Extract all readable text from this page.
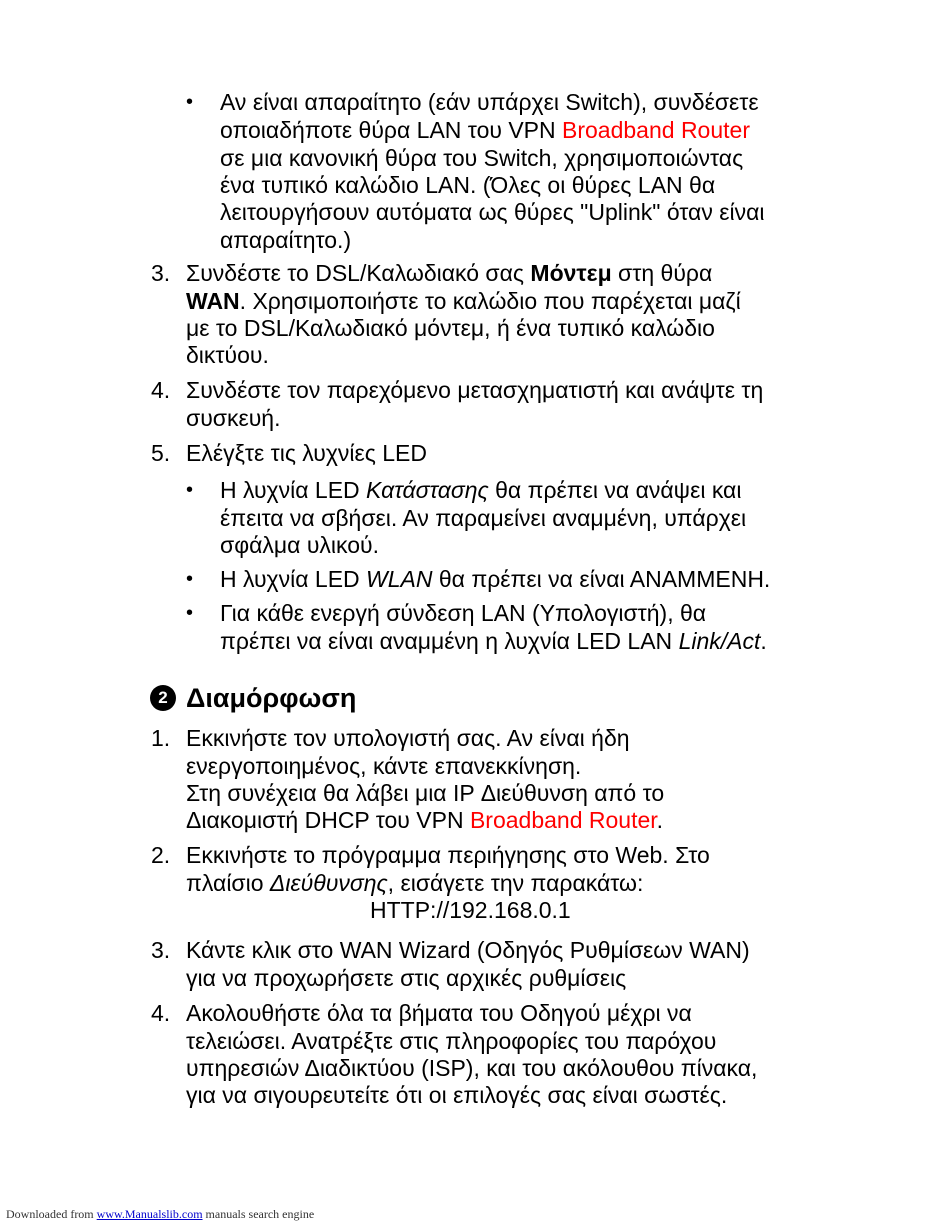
• Αν είναι απαραίτητο (εάν υπάρχει Switch), συνδέσετε
οποιαδήποτε θύρα LAN του VPN Broadband Router
σε μια κανονική θύρα του Switch, χρησιμοποιώντας
ένα τυπικό καλώδιο LAN. (Όλες οι θύρες LAN θα
λειτουργήσουν αυτόματα ως θύρες "Uplink" όταν είναι
απαραίτητο.)
3. Συνδέστε το DSL/Καλωδιακό σας Μόντεμ στη θύρα
WAN. Χρησιμοποιήστε το καλώδιο που παρέχεται μαζί
με το DSL/Καλωδιακό μόντεμ, ή ένα τυπικό καλώδιο
δικτύου.
4. Συνδέστε τον παρεχόμενο μετασχηματιστή και ανάψτε τη
συσκευή.
5. Ελέγξτε τις λυχνίες LED
• Η λυχνία LED Κατάστασης θα πρέπει να ανάψει και
έπειτα να σβήσει. Αν παραμείνει αναμμένη, υπάρχει
σφάλμα υλικού.
• Η λυχνία LED WLAN θα πρέπει να είναι ΑΝΑΜΜΕΝΗ.
• Για κάθε ενεργή σύνδεση LAN (Υπολογιστή), θα
πρέπει να είναι αναμμένη η λυχνία LED LAN Link/Act.
2 Διαμόρφωση
1. Εκκινήστε τον υπολογιστή σας. Αν είναι ήδη
ενεργοποιημένος, κάντε επανεκκίνηση.
Στη συνέχεια θα λάβει μια IP Διεύθυνση από το
Διακομιστή DHCP του VPN Broadband Router.
2. Εκκινήστε το πρόγραμμα περιήγησης στο Web. Στο
πλαίσιο Διεύθυνσης, εισάγετε την παρακάτω:
HTTP://192.168.0.1
3. Κάντε κλικ στο WAN Wizard (Οδηγός Ρυθμίσεων WAN)
για να προχωρήσετε στις αρχικές ρυθμίσεις
4. Ακολουθήστε όλα τα βήματα του Οδηγού μέχρι να
τελειώσει. Ανατρέξτε στις πληροφορίες του παρόχου
υπηρεσιών Διαδικτύου (ISP), και του ακόλουθου πίνακα,
για να σιγουρευτείτε ότι οι επιλογές σας είναι σωστές.
Downloaded from www.Manualslib.com manuals search engine
